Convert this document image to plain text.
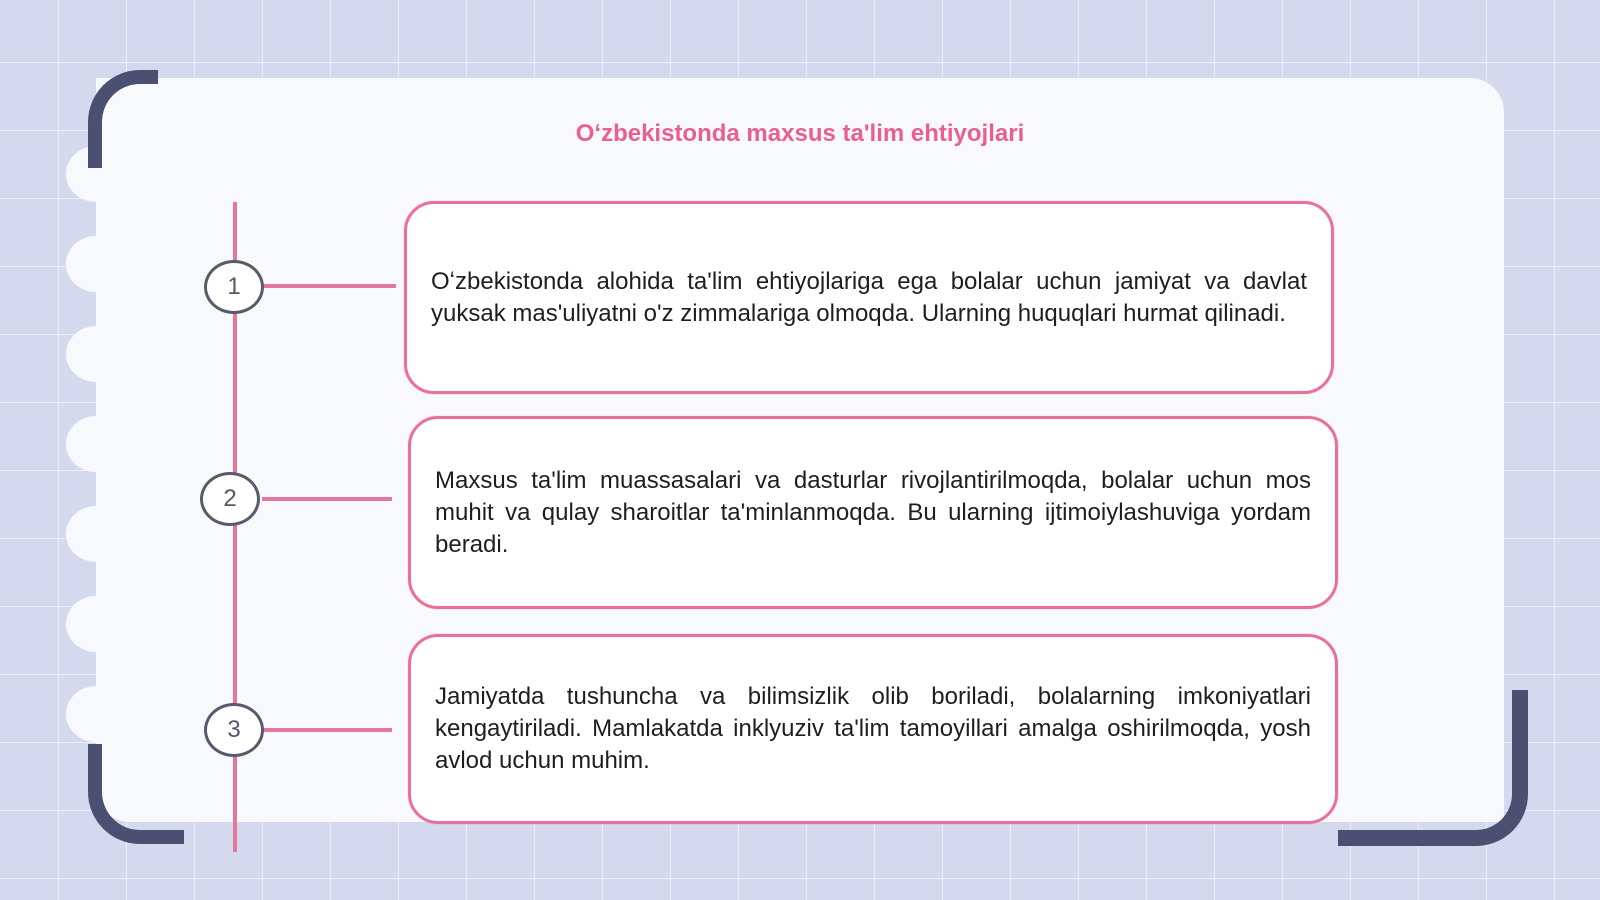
Oʻzbekistonda maxsus ta'lim ehtiyojlari
1
2
3
Oʻzbekistonda alohida ta'lim ehtiyojlariga ega bolalar uchun jamiyat va davlat yuksak mas'uliyatni o'z zimmalariga olmoqda. Ularning huquqlari hurmat qilinadi.
Maxsus ta'lim muassasalari va dasturlar rivojlantirilmoqda, bolalar uchun mos muhit va qulay sharoitlar ta'minlanmoqda. Bu ularning ijtimoiylashuviga yordam beradi.
Jamiyatda tushuncha va bilimsizlik olib boriladi, bolalarning imkoniyatlari kengaytiriladi. Mamlakatda inklyuziv ta'lim tamoyillari amalga oshirilmoqda, yosh avlod uchun muhim.
